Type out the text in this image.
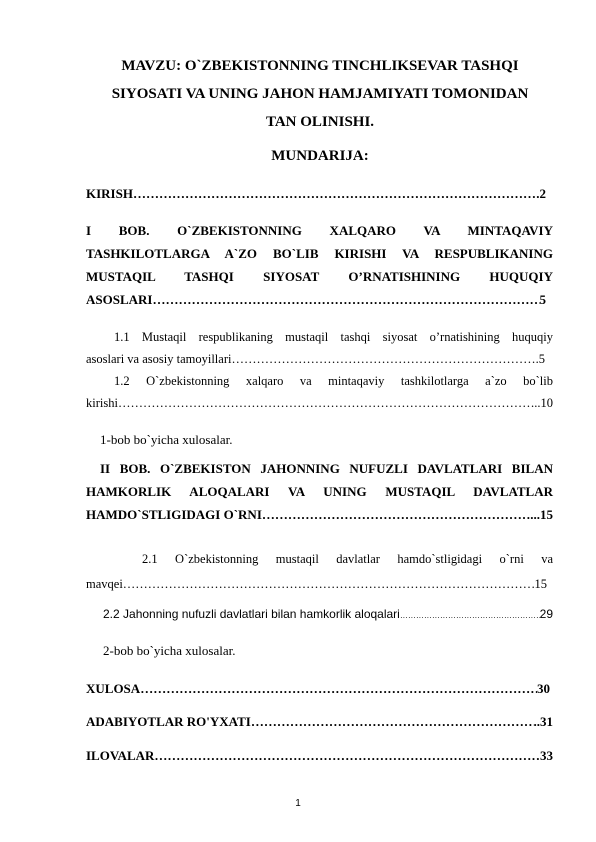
MAVZU: O`ZBEKISTONNING TINCHLIKSEVAR TASHQI
SIYOSATI VA UNING JAHON HAMJAMIYATI TOMONIDAN
TAN OLINISHI.
MUNDARIJA:
KIRISH …………………………………………………………………………………………………………………………………………………………	.2
I BOB. O`ZBEKISTONNING XALQARO VA MINTAQAVIY
TASHKILOTLARGA A`ZO BO`LIB KIRISHI VA RESPUBLIKANING
MUSTAQIL TASHQI SIYOSAT O’RNATISHINING HUQUQIY
ASOSLARI …………………………………………………………………………………………………………………………………………………………	5
1.1 Mustaqil respublikaning mustaqil tashqi siyosat o’rnatishining huquqiy
asoslari va asosiy tamoyillari …………………………………………………………………………………………………………………………………………………………	.5
1.2 O`zbekistonning xalqaro va mintaqaviy tashkilotlarga a`zo bo`lib
kirishi …………………………………………………………………………………………………………………………………………………………	..10
1-bob bo`yicha xulosalar.
II BOB. O`ZBEKISTON JAHONNING NUFUZLI DAVLATLARI BILAN
HAMKORLIK ALOQALARI VA UNING MUSTAQIL DAVLATLAR
HAMDO`STLIGIDAGI O`RNI …………………………………………………………………………………………………………………………………………………………	...15
2.1 O`zbekistonning mustaqil davlatlar hamdo`stligidagi o`rni va
mavqei …………………………………………………………………………………………………………………………………………………………	15
2.2 Jahonning nufuzli davlatlari bilan hamkorlik aloqalari …………………………………………………………………………………………………………………………………………………………	29
2-bob bo`yicha xulosalar.
XULOSA …………………………………………………………………………………………………………………………………………………………	30
ADABIYOTLAR RO'YXATI …………………………………………………………………………………………………………………………………………………………	..31
ILOVALAR …………………………………………………………………………………………………………………………………………………………	33
1
